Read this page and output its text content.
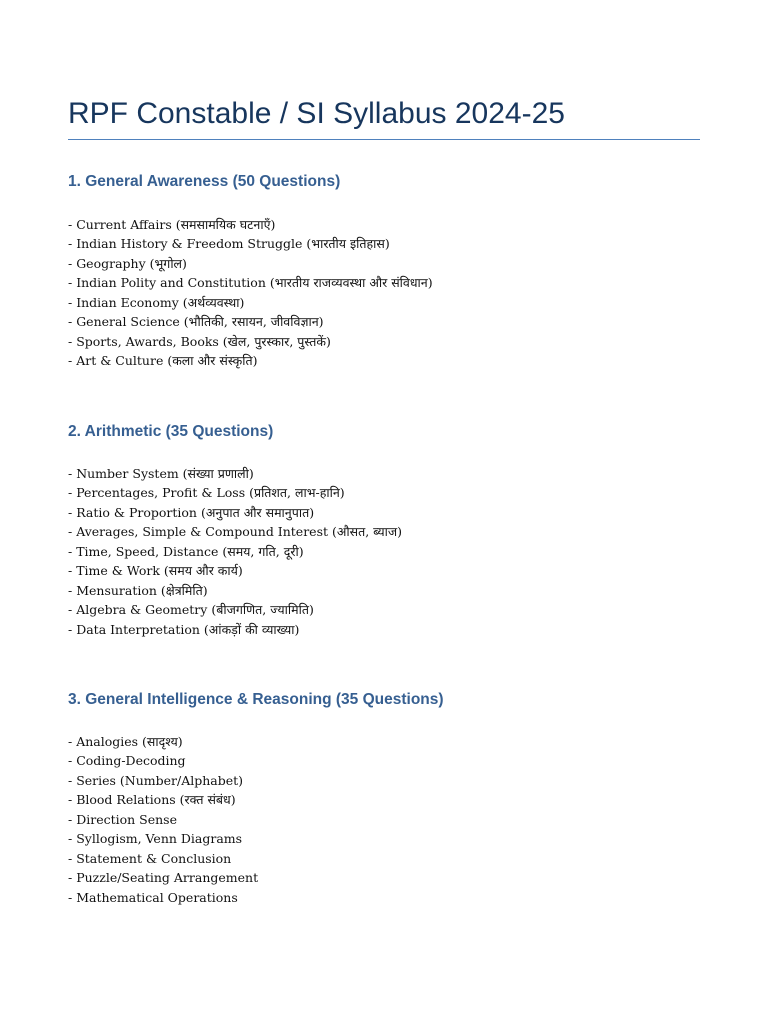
RPF Constable / SI Syllabus 2024-25
1. General Awareness (50 Questions)
- Current Affairs (समसामयिक घटनाएँ)
- Indian History & Freedom Struggle (भारतीय इतिहास)
- Geography (भूगोल)
- Indian Polity and Constitution (भारतीय राजव्यवस्था और संविधान)
- Indian Economy (अर्थव्यवस्था)
- General Science (भौतिकी, रसायन, जीवविज्ञान)
- Sports, Awards, Books (खेल, पुरस्कार, पुस्तकें)
- Art & Culture (कला और संस्कृति)
2. Arithmetic (35 Questions)
- Number System (संख्या प्रणाली)
- Percentages, Profit & Loss (प्रतिशत, लाभ-हानि)
- Ratio & Proportion (अनुपात और समानुपात)
- Averages, Simple & Compound Interest (औसत, ब्याज)
- Time, Speed, Distance (समय, गति, दूरी)
- Time & Work (समय और कार्य)
- Mensuration (क्षेत्रमिति)
- Algebra & Geometry (बीजगणित, ज्यामिति)
- Data Interpretation (आंकड़ों की व्याख्या)
3. General Intelligence & Reasoning (35 Questions)
- Analogies (सादृश्य)
- Coding-Decoding
- Series (Number/Alphabet)
- Blood Relations (रक्त संबंध)
- Direction Sense
- Syllogism, Venn Diagrams
- Statement & Conclusion
- Puzzle/Seating Arrangement
- Mathematical Operations
